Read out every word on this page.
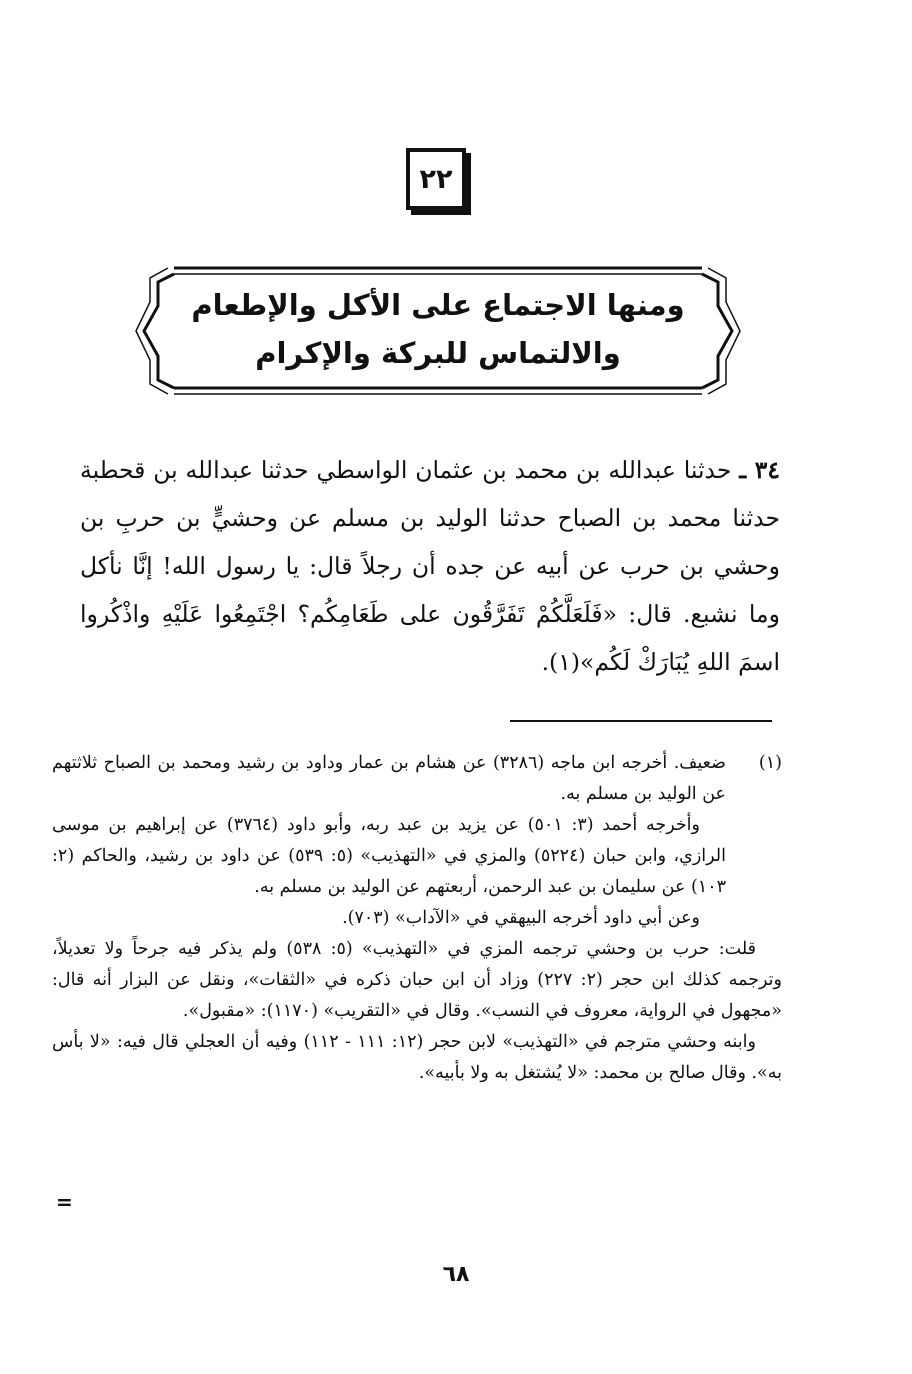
٢٢
ومنها الاجتماع على الأكل والإطعام
والالتماس للبركة والإكرام
٣٤ ـ حدثنا عبدالله بن محمد بن عثمان الواسطي حدثنا عبدالله بن قحطبة حدثنا محمد بن الصباح حدثنا الوليد بن مسلم عن وحشيٍّ بن حربِ بن وحشي بن حرب عن أبيه عن جده أن رجلاً قال: يا رسول الله! إنَّا نأكل وما نشبع. قال: «فَلَعَلَّكُمْ تَفَرَّقُون على طَعَامِكُم؟ اجْتَمِعُوا عَلَيْهِ واذْكُروا اسمَ اللهِ يُبَارَكْ لَكُم»(١).

(١)ضعيف. أخرجه ابن ماجه (٣٢٨٦) عن هشام بن عمار وداود بن رشيد ومحمد بن الصباح ثلاثتهم عن الوليد بن مسلم به.

وأخرجه أحمد (٣: ٥٠١) عن يزيد بن عبد ربه، وأبو داود (٣٧٦٤) عن إبراهيم بن موسى الرازي، وابن حبان (٥٢٢٤) والمزي في «التهذيب» (٥: ٥٣٩) عن داود بن رشيد، والحاكم (٢: ١٠٣) عن سليمان بن عبد الرحمن، أربعتهم عن الوليد بن مسلم به.

وعن أبي داود أخرجه البيهقي في «الآداب» (٧٠٣).

قلت: حرب بن وحشي ترجمه المزي في «التهذيب» (٥: ٥٣٨) ولم يذكر فيه جرحاً ولا تعديلاً، وترجمه كذلك ابن حجر (٢: ٢٢٧) وزاد أن ابن حبان ذكره في «الثقات»، ونقل عن البزار أنه قال: «مجهول في الرواية، معروف في النسب». وقال في «التقريب» (١١٧٠): «مقبول».

وابنه وحشي مترجم في «التهذيب» لابن حجر (١٢: ١١١ - ١١٢) وفيه أن العجلي قال فيه: «لا بأس به». وقال صالح بن محمد: «لا يُشتغل به ولا بأبيه».

=
٦٨
